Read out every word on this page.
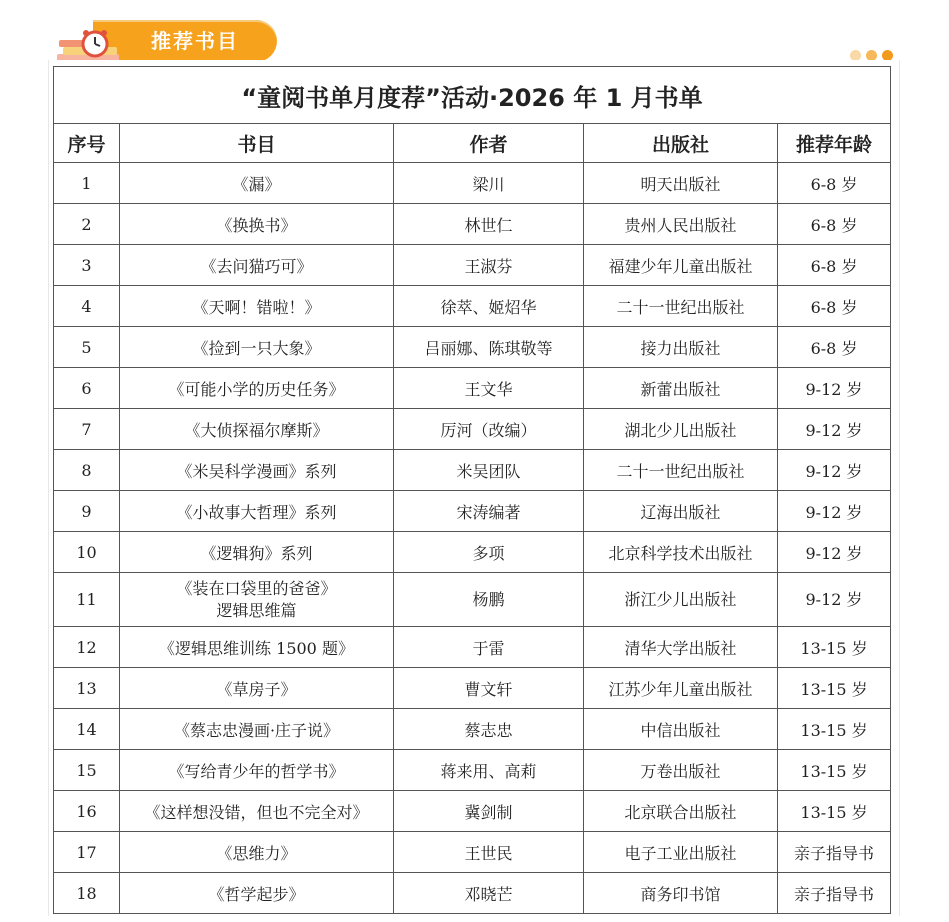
推荐书目
“童阅书单月度荐”活动·2026 年 1 月书单				
序号	书目	作者	出版社	推荐年龄
1	《漏》	梁川	明天出版社	6-8 岁
2	《换换书》	林世仁	贵州人民出版社	6-8 岁
3	《去问猫巧可》	王淑芬	福建少年儿童出版社	6-8 岁
4	《天啊！错啦！》	徐萃、姬炤华	二十一世纪出版社	6-8 岁
5	《捡到一只大象》	吕丽娜、陈琪敬等	接力出版社	6-8 岁
6	《可能小学的历史任务》	王文华	新蕾出版社	9-12 岁
7	《大侦探福尔摩斯》	厉河（改编）	湖北少儿出版社	9-12 岁
8	《米吴科学漫画》系列	米吴团队	二十一世纪出版社	9-12 岁
9	《小故事大哲理》系列	宋涛编著	辽海出版社	9-12 岁
10	《逻辑狗》系列	多项	北京科学技术出版社	9-12 岁
11	《装在口袋里的爸爸》
逻辑思维篇	杨鹏	浙江少儿出版社	9-12 岁
12	《逻辑思维训练 1500 题》	于雷	清华大学出版社	13-15 岁
13	《草房子》	曹文轩	江苏少年儿童出版社	13-15 岁
14	《蔡志忠漫画·庄子说》	蔡志忠	中信出版社	13-15 岁
15	《写给青少年的哲学书》	蒋来用、高莉	万卷出版社	13-15 岁
16	《这样想没错，但也不完全对》	冀剑制	北京联合出版社	13-15 岁
17	《思维力》	王世民	电子工业出版社	亲子指导书
18	《哲学起步》	邓晓芒	商务印书馆	亲子指导书
